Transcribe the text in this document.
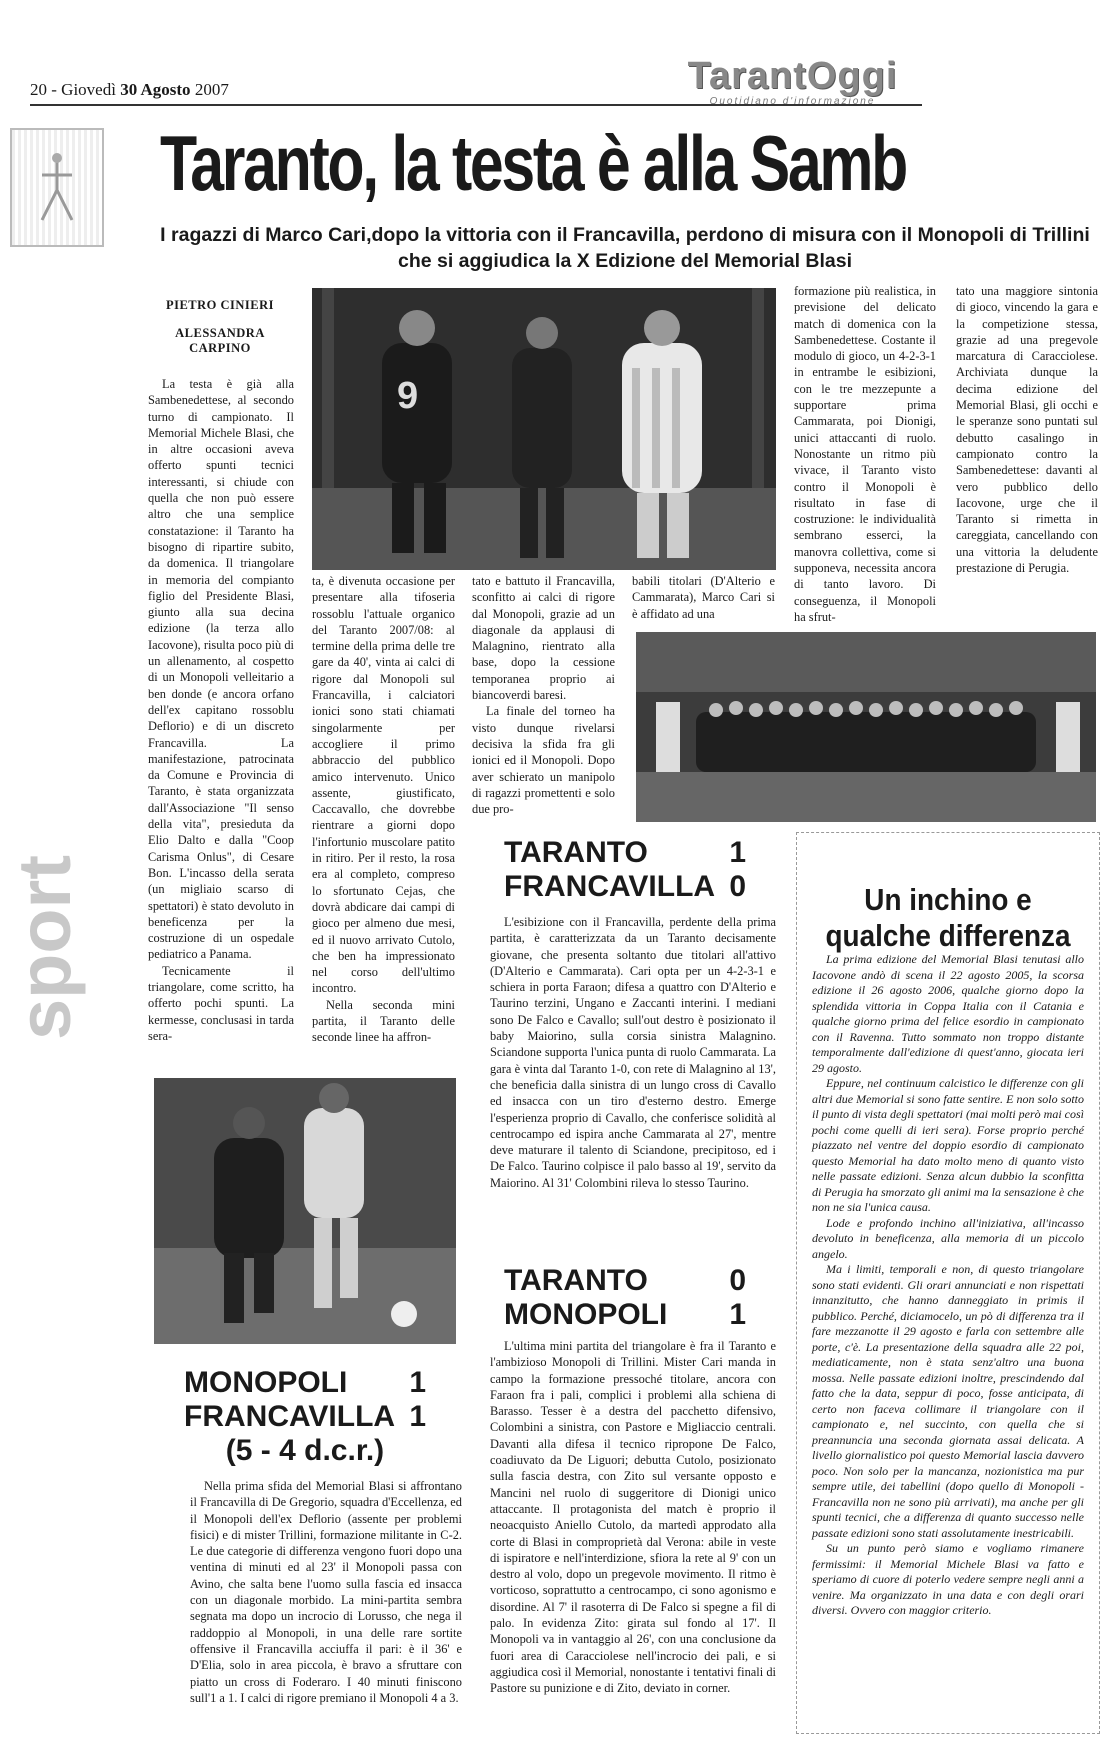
20 - Giovedì 30 Agosto 2007	TarantOggi
Quotidiano d'informazione
sport
Taranto, la testa è alla Samb
I ragazzi di Marco Cari,dopo la vittoria con il Francavilla, perdono di misura con il Monopoli di Trillini che si aggiudica la X Edizione del Memorial Blasi
PIETRO CINIERI
ALESSANDRA CARPINO

La testa è già alla Sambenedettese, al secondo turno di campionato. Il Memorial Michele Blasi, che in altre occasioni aveva offerto spunti tecnici interessanti, si chiude con quella che non può essere altro che una semplice constatazione: il Taranto ha bisogno di ripartire subito, da domenica. Il triangolare in memoria del compianto figlio del Presidente Blasi, giunto alla sua decina edizione (la terza allo Iacovone), risulta poco più di un allenamento, al cospetto di un Monopoli velleitario a ben donde (e ancora orfano dell'ex capitano rossoblu Deflorio) e di un discreto Francavilla. La manifestazione, patrocinata da Comune e Provincia di Taranto, è stata organizzata dall'Associazione "Il senso della vita", presieduta da Elio Dalto e dalla "Coop Carisma Onlus", di Cesare Bon. L'incasso della serata (un migliaio scarso di spettatori) è stato devoluto in beneficenza per la costruzione di un ospedale pediatrico a Panama.

Tecnicamente il triangolare, come scritto, ha offerto pochi spunti. La kermesse, conclusasi in tarda sera-

9

ta, è divenuta occasione per presentare alla tifoseria rossoblu l'attuale organico del Taranto 2007/08: al termine della prima delle tre gare da 40', vinta ai calci di rigore dal Monopoli sul Francavilla, i calciatori ionici sono stati chiamati singolarmente per accogliere il primo abbraccio del pubblico amico intervenuto. Unico assente, giustificato, Caccavallo, che dovrebbe rientrare a giorni dopo l'infortunio muscolare patito in ritiro. Per il resto, la rosa era al completo, compreso lo sfortunato Cejas, che dovrà abdicare dai campi di gioco per almeno due mesi, ed il nuovo arrivato Cutolo, che ben ha impressionato nel corso dell'ultimo incontro.

Nella seconda mini partita, il Taranto delle seconde linee ha affron-

tato e battuto il Francavilla, sconfitto ai calci di rigore dal Monopoli, grazie ad un diagonale da applausi di Malagnino, rientrato alla base, dopo la cessione temporanea proprio ai biancoverdi baresi.

La finale del torneo ha visto dunque rivelarsi decisiva la sfida fra gli ionici ed il Monopoli. Dopo aver schierato un manipolo di ragazzi promettenti e solo due pro-

babili titolari (D'Alterio e Cammarata), Marco Cari si è affidato ad una

formazione più realistica, in previsione del delicato match di domenica con la Sambenedettese. Costante il modulo di gioco, un 4-2-3-1 in entrambe le esibizioni, con le tre mezzepunte a supportare prima Cammarata, poi Dionigi, unici attaccanti di ruolo. Nonostante un ritmo più vivace, il Taranto visto contro il Monopoli è risultato in fase di costruzione: le individualità sembrano esserci, la manovra collettiva, come si supponeva, necessita ancora di tanto lavoro. Di conseguenza, il Monopoli ha sfrut-

tato una maggiore sintonia di gioco, vincendo la gara e la competizione stessa, grazie ad una pregevole marcatura di Caracciolese. Archiviata dunque la decima edizione del Memorial Blasi, gli occhi e le speranze sono puntati sul debutto casalingo in campionato contro la Sambenedettese: davanti al vero pubblico dello Iacovone, urge che il Taranto si rimetta in careggiata, cancellando con una vittoria la deludente prestazione di Perugia.

TARANTO	1
FRANCAVILLA 0

L'esibizione con il Francavilla, perdente della prima partita, è caratterizzata da un Taranto decisamente giovane, che presenta soltanto due titolari all'attivo (D'Alterio e Cammarata). Cari opta per un 4-2-3-1 e schiera in porta Faraon; difesa a quattro con D'Alterio e Taurino terzini, Ungano e Zaccanti interini. I mediani sono De Falco e Cavallo; sull'out destro è posizionato il baby Maiorino, sulla corsia sinistra Malagnino. Sciandone supporta l'unica punta di ruolo Cammarata. La gara è vinta dal Taranto 1-0, con rete di Malagnino al 13', che beneficia dalla sinistra di un lungo cross di Cavallo ed insacca con un tiro d'esterno destro. Emerge l'esperienza proprio di Cavallo, che conferisce solidità al centrocampo ed ispira anche Cammarata al 27', mentre deve maturare il talento di Sciandone, precipitoso, ed i De Falco. Taurino colpisce il palo basso al 19', servito da Maiorino. Al 31' Colombini rileva lo stesso Taurino.

TARANTO	0
MONOPOLI 1

L'ultima mini partita del triangolare è fra il Taranto e l'ambizioso Monopoli di Trillini. Mister Cari manda in campo la formazione pressoché titolare, ancora con Faraon fra i pali, complici i problemi alla schiena di Barasso. Tesser è a destra del pacchetto difensivo, Colombini a sinistra, con Pastore e Migliaccio centrali. Davanti alla difesa il tecnico ripropone De Falco, coadiuvato da De Liguori; debutta Cutolo, posizionato sulla fascia destra, con Zito sul versante opposto e Mancini nel ruolo di suggeritore di Dionigi unico attaccante. Il protagonista del match è proprio il neoacquisto Aniello Cutolo, da martedì approdato alla corte di Blasi in comproprietà dal Verona: abile in veste di ispiratore e nell'interdizione, sfiora la rete al 9' con un destro al volo, dopo un pregevole movimento. Il ritmo è vorticoso, soprattutto a centrocampo, ci sono agonismo e disordine. Al 7' il rasoterra di De Falco si spegne a fil di palo. In evidenza Zito: girata sul fondo al 17'. Il Monopoli va in vantaggio al 26', con una conclusione da fuori area di Caracciolese nell'incrocio dei pali, e si aggiudica così il Memorial, nonostante i tentativi finali di Pastore su punizione e di Zito, deviato in corner.

MONOPOLI 1
FRANCAVILLA 1
(5 - 4 d.c.r.)

Nella prima sfida del Memorial Blasi si affrontano il Francavilla di De Gregorio, squadra d'Eccellenza, ed il Monopoli dell'ex Deflorio (assente per problemi fisici) e di mister Trillini, formazione militante in C-2. Le due categorie di differenza vengono fuori dopo una ventina di minuti ed al 23' il Monopoli passa con Avino, che salta bene l'uomo sulla fascia ed insacca con un diagonale morbido. La mini-partita sembra segnata ma dopo un incrocio di Lorusso, che nega il raddoppio al Monopoli, in una delle rare sortite offensive il Francavilla acciuffa il pari: è il 36' e D'Elia, solo in area piccola, è bravo a sfruttare con piatto un cross di Foderaro. I 40 minuti finiscono sull'1 a 1. I calci di rigore premiano il Monopoli 4 a 3.

Un inchino e
qualche differenza

La prima edizione del Memorial Blasi tenutasi allo Iacovone andò di scena il 22 agosto 2005, la scorsa edizione il 26 agosto 2006, qualche giorno dopo la splendida vittoria in Coppa Italia con il Catania e qualche giorno prima del felice esordio in campionato con il Ravenna. Tutto sommato non troppo distante temporalmente dall'edizione di quest'anno, giocata ieri 29 agosto.

Eppure, nel continuum calcistico le differenze con gli altri due Memorial si sono fatte sentire. E non solo sotto il punto di vista degli spettatori (mai molti però mai così pochi come quelli di ieri sera). Forse proprio perché piazzato nel ventre del doppio esordio di campionato questo Memorial ha dato molto meno di quanto visto nelle passate edizioni. Senza alcun dubbio la sconfitta di Perugia ha smorzato gli animi ma la sensazione è che non ne sia l'unica causa.

Lode e profondo inchino all'iniziativa, all'incasso devoluto in beneficenza, alla memoria di un piccolo angelo.

Ma i limiti, temporali e non, di questo triangolare sono stati evidenti. Gli orari annunciati e non rispettati innanzitutto, che hanno danneggiato in primis il pubblico. Perché, diciamocelo, un pò di differenza tra il fare mezzanotte il 29 agosto e farla con settembre alle porte, c'è. La presentazione della squadra alle 22 poi, mediaticamente, non è stata senz'altro una buona mossa. Nelle passate edizioni inoltre, prescindendo dal fatto che la data, seppur di poco, fosse anticipata, di certo non faceva collimare il triangolare con il campionato e, nel succinto, con quella che si preannuncia una seconda giornata assai delicata. A livello giornalistico poi questo Memorial lascia davvero poco. Non solo per la mancanza, nozionistica ma pur sempre utile, dei tabellini (dopo quello di Monopoli - Francavilla non ne sono più arrivati), ma anche per gli spunti tecnici, che a differenza di quanto successo nelle passate edizioni sono stati assolutamente inestricabili.

Su un punto però siamo e vogliamo rimanere fermissimi: il Memorial Michele Blasi va fatto e speriamo di cuore di poterlo vedere sempre negli anni a venire. Ma organizzato in una data e con degli orari diversi. Ovvero con maggior criterio.
